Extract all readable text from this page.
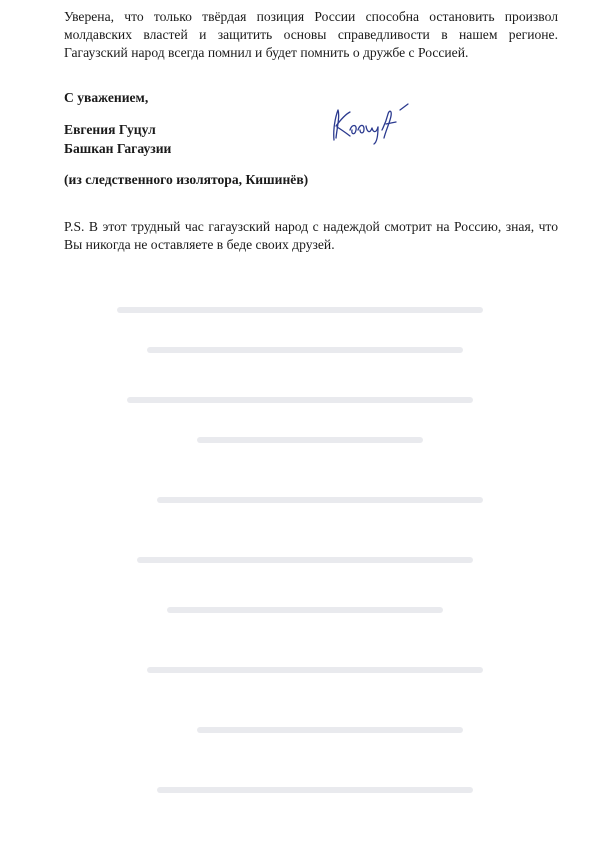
Уверена, что только твёрдая позиция России способна остановить произвол молдавских властей и защитить основы справедливости в нашем регионе. Гагаузский народ всегда помнил и будет помнить о дружбе с Россией.

С уважением,

Евгения Гуцул
Башкан Гагаузии

(из следственного изолятора, Кишинёв)

P.S. В этот трудный час гагаузский народ с надеждой смотрит на Россию, зная, что Вы никогда не оставляете в беде своих друзей.
